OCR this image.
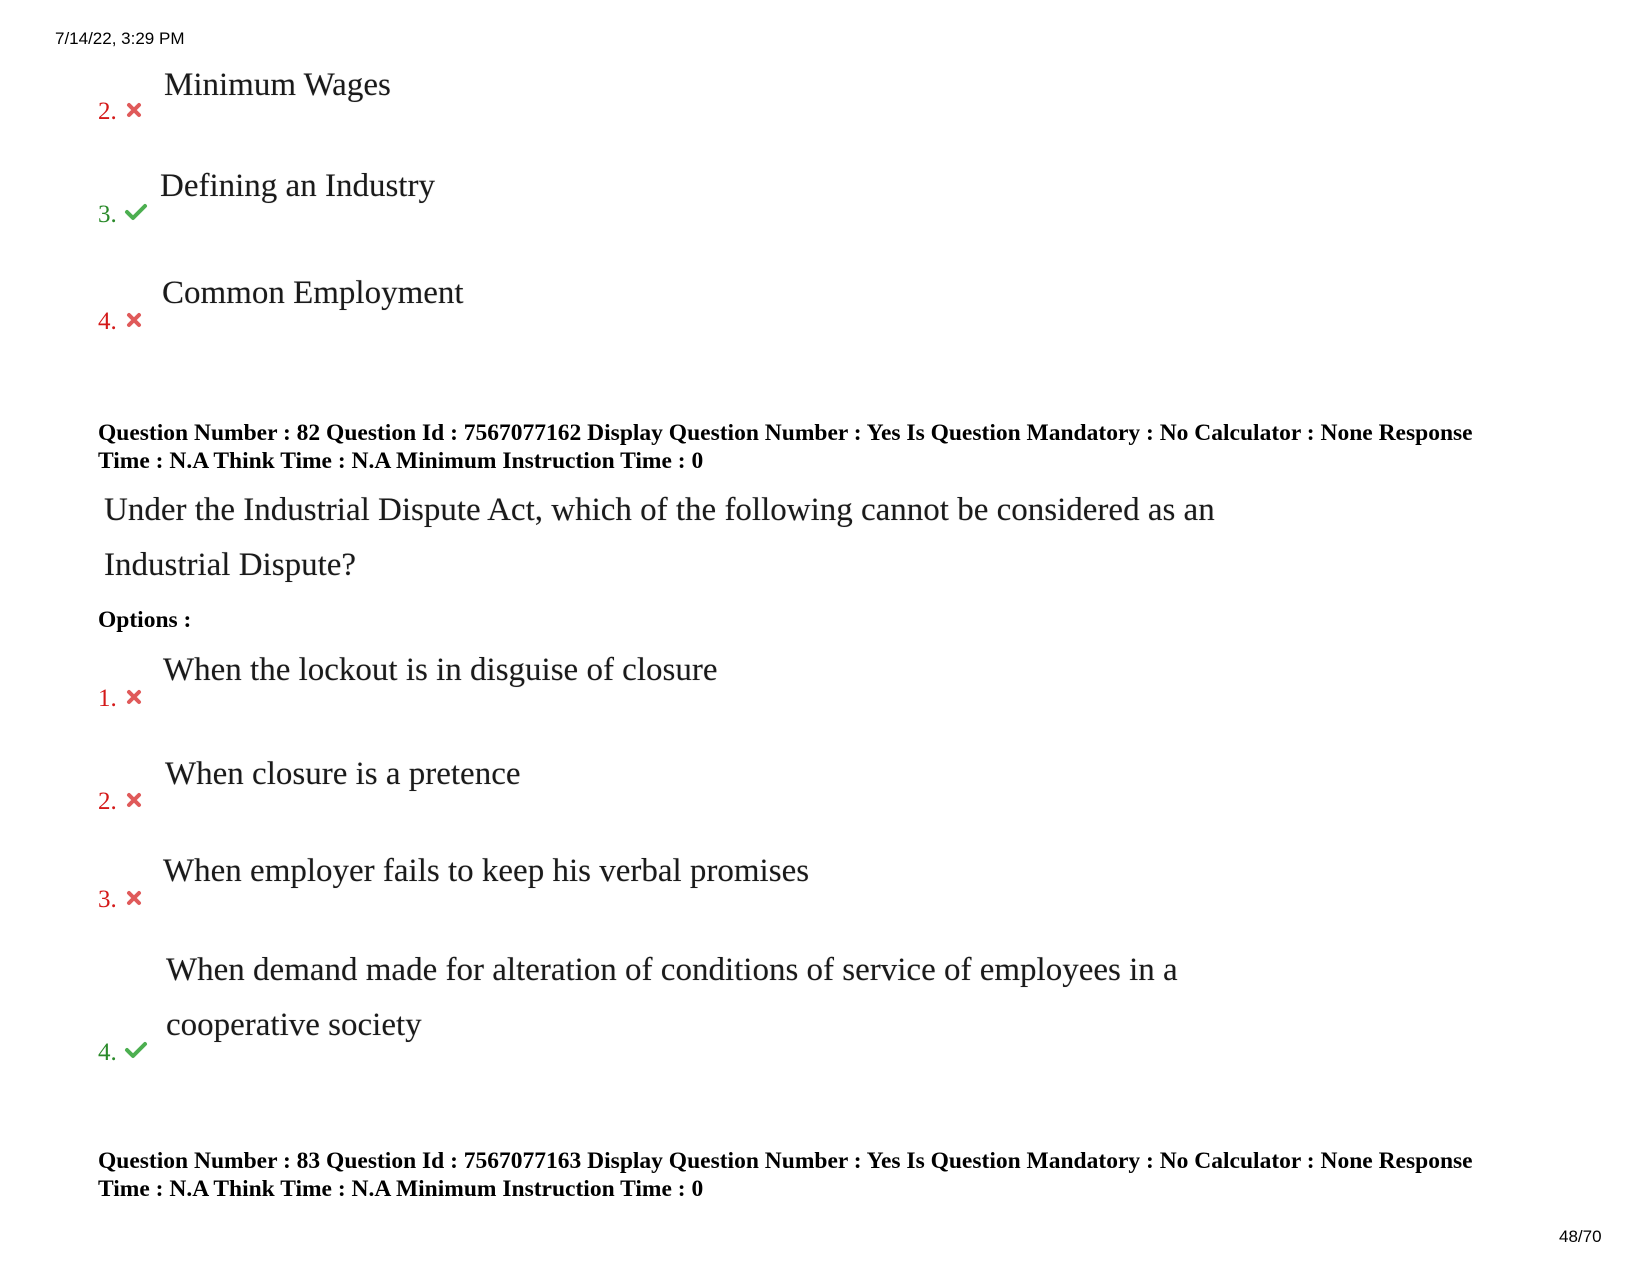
7/14/22, 3:29 PM
2.
Minimum Wages
3.
Defining an Industry
4.
Common Employment
Question Number : 82 Question Id : 7567077162 Display Question Number : Yes Is Question Mandatory : No Calculator : None Response
Time : N.A Think Time : N.A Minimum Instruction Time : 0
Under the Industrial Dispute Act, which of the following cannot be considered as an
Industrial Dispute?
Options :
1.
When the lockout is in disguise of closure
2.
When closure is a pretence
3.
When employer fails to keep his verbal promises
4.
When demand made for alteration of conditions of service of employees in a
cooperative society
Question Number : 83 Question Id : 7567077163 Display Question Number : Yes Is Question Mandatory : No Calculator : None Response
Time : N.A Think Time : N.A Minimum Instruction Time : 0
48/70
